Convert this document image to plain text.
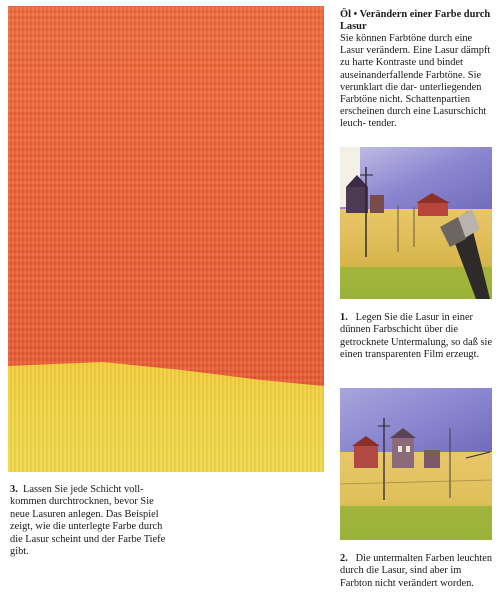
3. Lassen Sie jede Schicht voll- kommen durchtrocknen, bevor Sie neue Lasuren anlegen. Das Beispiel zeigt, wie die unterlegte Farbe durch die Lasur scheint und der Farbe Tiefe gibt.
Öl • Verändern einer Farbe durch Lasur
Sie können Farbtöne durch eine Lasur verändern. Eine Lasur dämpft zu harte Kontraste und bindet auseinanderfallende Farbtöne. Sie verunklart die dar- unterliegenden Farbtöne nicht. Schattenpartien erscheinen durch eine Lasurschicht leuch- tender.
1. Legen Sie die Lasur in einer dünnen Farbschicht über die getrocknete Untermalung, so daß sie einen transparenten Film erzeugt.
2. Die untermalten Farben leuchten durch die Lasur, sind aber im Farbton nicht verändert worden.
